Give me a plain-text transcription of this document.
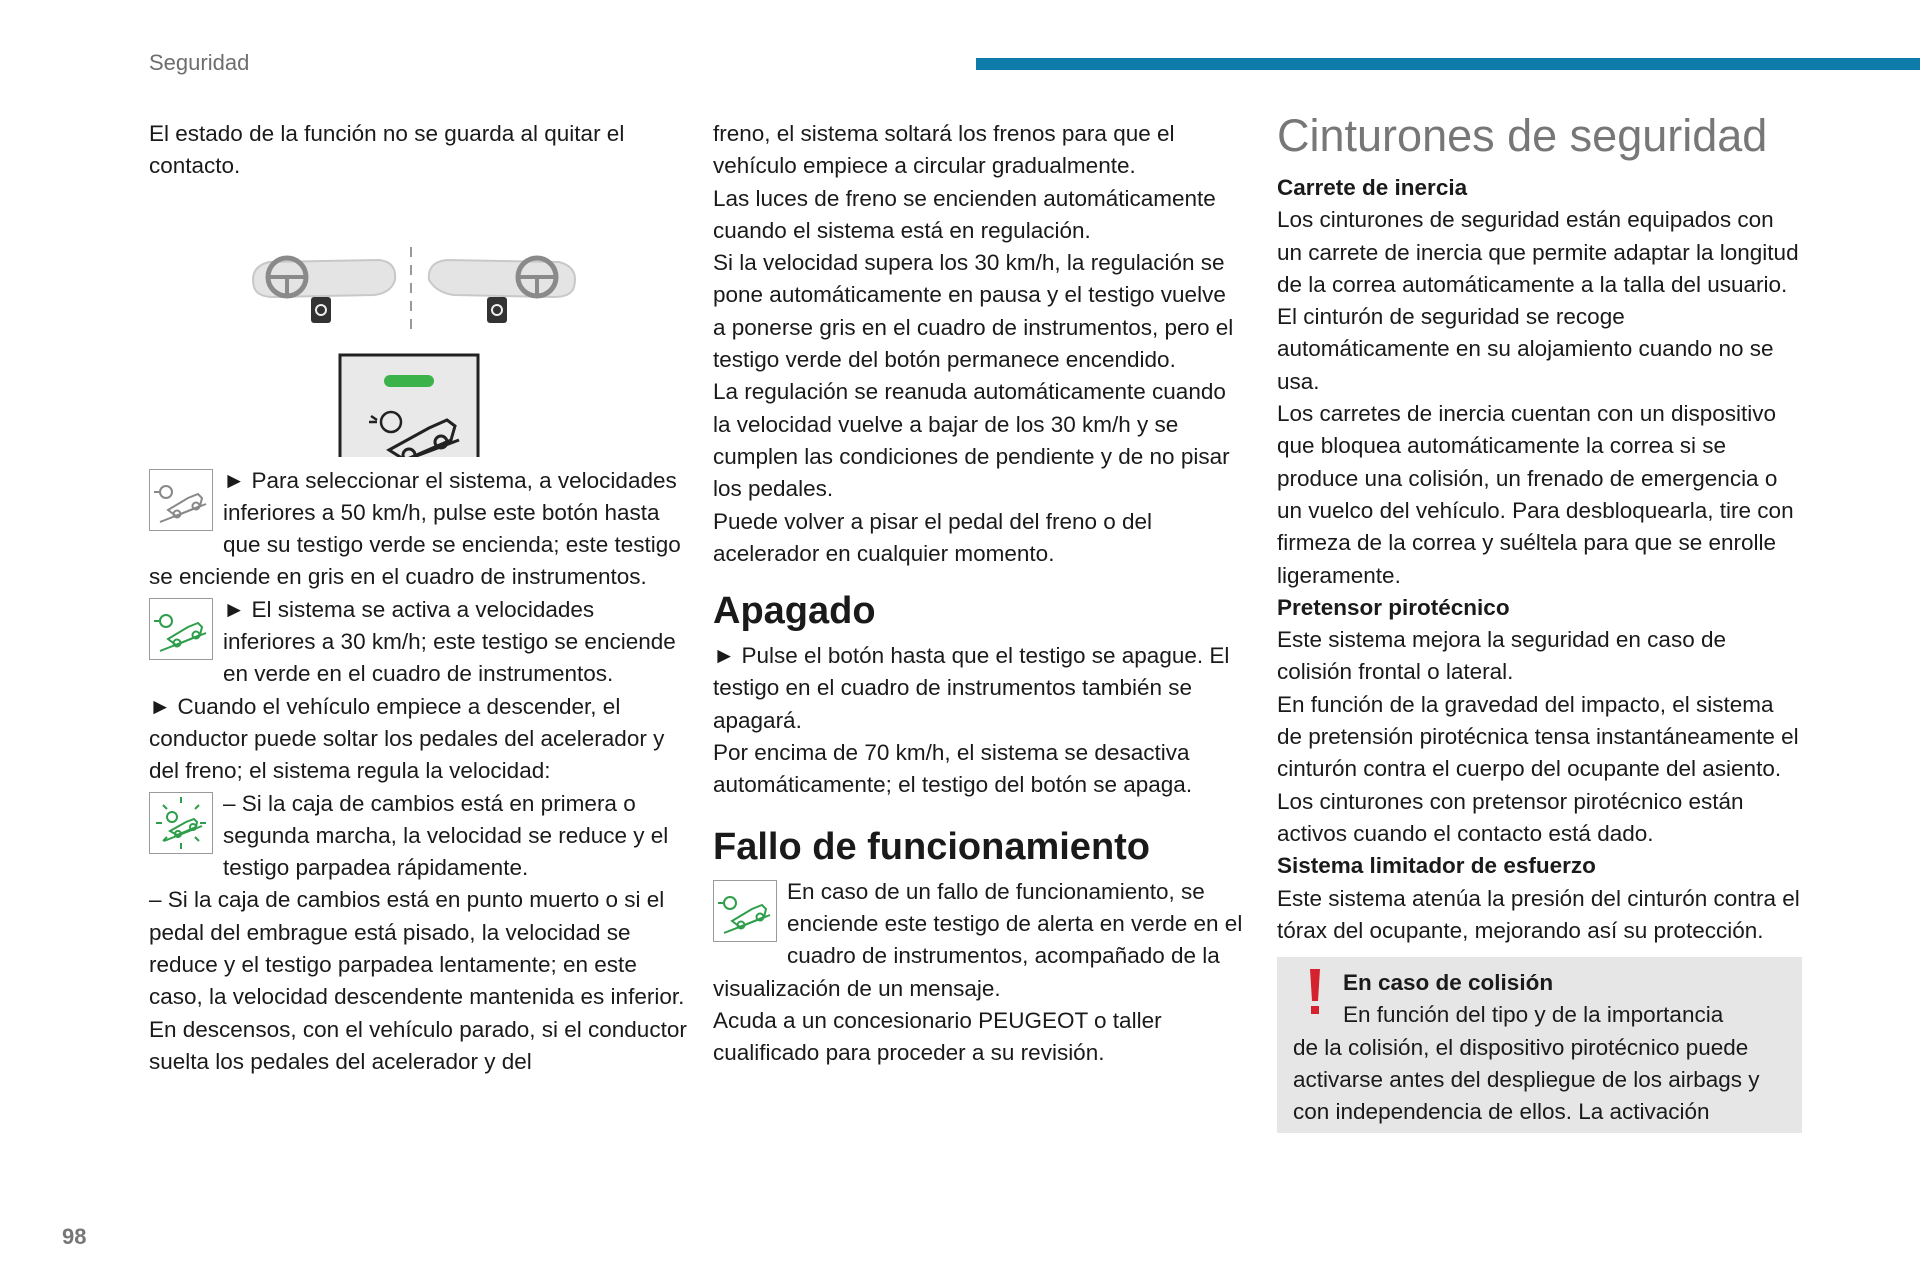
Seguridad

El estado de la función no se guarda al quitar el contacto.

► Para seleccionar el sistema, a velocidades inferiores a 50 km/h, pulse este botón hasta que su testigo verde se encienda; este testigo se enciende en gris en el cuadro de instrumentos.

► El sistema se activa a velocidades inferiores a 30 km/h; este testigo se enciende en verde en el cuadro de instrumentos.

► Cuando el vehículo empiece a descender, el conductor puede soltar los pedales del acelerador y del freno; el sistema regula la velocidad:

– Si la caja de cambios está en primera o segunda marcha, la velocidad se reduce y el testigo parpadea rápidamente.

– Si la caja de cambios está en punto muerto o si el pedal del embrague está pisado, la velocidad se reduce y el testigo parpadea lentamente; en este caso, la velocidad descendente mantenida es inferior.

En descensos, con el vehículo parado, si el conductor suelta los pedales del acelerador y del

freno, el sistema soltará los frenos para que el vehículo empiece a circular gradualmente.

Las luces de freno se encienden automáticamente cuando el sistema está en regulación.

Si la velocidad supera los 30 km/h, la regulación se pone automáticamente en pausa y el testigo vuelve a ponerse gris en el cuadro de instrumentos, pero el testigo verde del botón permanece encendido.

La regulación se reanuda automáticamente cuando la velocidad vuelve a bajar de los 30 km/h y se cumplen las condiciones de pendiente y de no pisar los pedales.

Puede volver a pisar el pedal del freno o del acelerador en cualquier momento.

Apagado

► Pulse el botón hasta que el testigo se apague. El testigo en el cuadro de instrumentos también se apagará.

Por encima de 70 km/h, el sistema se desactiva automáticamente; el testigo del botón se apaga.

Fallo de funcionamiento

En caso de un fallo de funcionamiento, se enciende este testigo de alerta en verde en el cuadro de instrumentos, acompañado de la visualización de un mensaje.

Acuda a un concesionario PEUGEOT o taller cualificado para proceder a su revisión.

Cinturones de seguridad

Carrete de inercia

Los cinturones de seguridad están equipados con un carrete de inercia que permite adaptar la longitud de la correa automáticamente a la talla del usuario. El cinturón de seguridad se recoge automáticamente en su alojamiento cuando no se usa.

Los carretes de inercia cuentan con un dispositivo que bloquea automáticamente la correa si se produce una colisión, un frenado de emergencia o un vuelco del vehículo. Para desbloquearla, tire con firmeza de la correa y suéltela para que se enrolle ligeramente.

Pretensor pirotécnico

Este sistema mejora la seguridad en caso de colisión frontal o lateral.

En función de la gravedad del impacto, el sistema de pretensión pirotécnica tensa instantáneamente el cinturón contra el cuerpo del ocupante del asiento.

Los cinturones con pretensor pirotécnico están activos cuando el contacto está dado.

Sistema limitador de esfuerzo

Este sistema atenúa la presión del cinturón contra el tórax del ocupante, mejorando así su protección.

En caso de colisión

En función del tipo y de la importancia

de la colisión, el dispositivo pirotécnico puede activarse antes del despliegue de los airbags y con independencia de ellos. La activación

98
